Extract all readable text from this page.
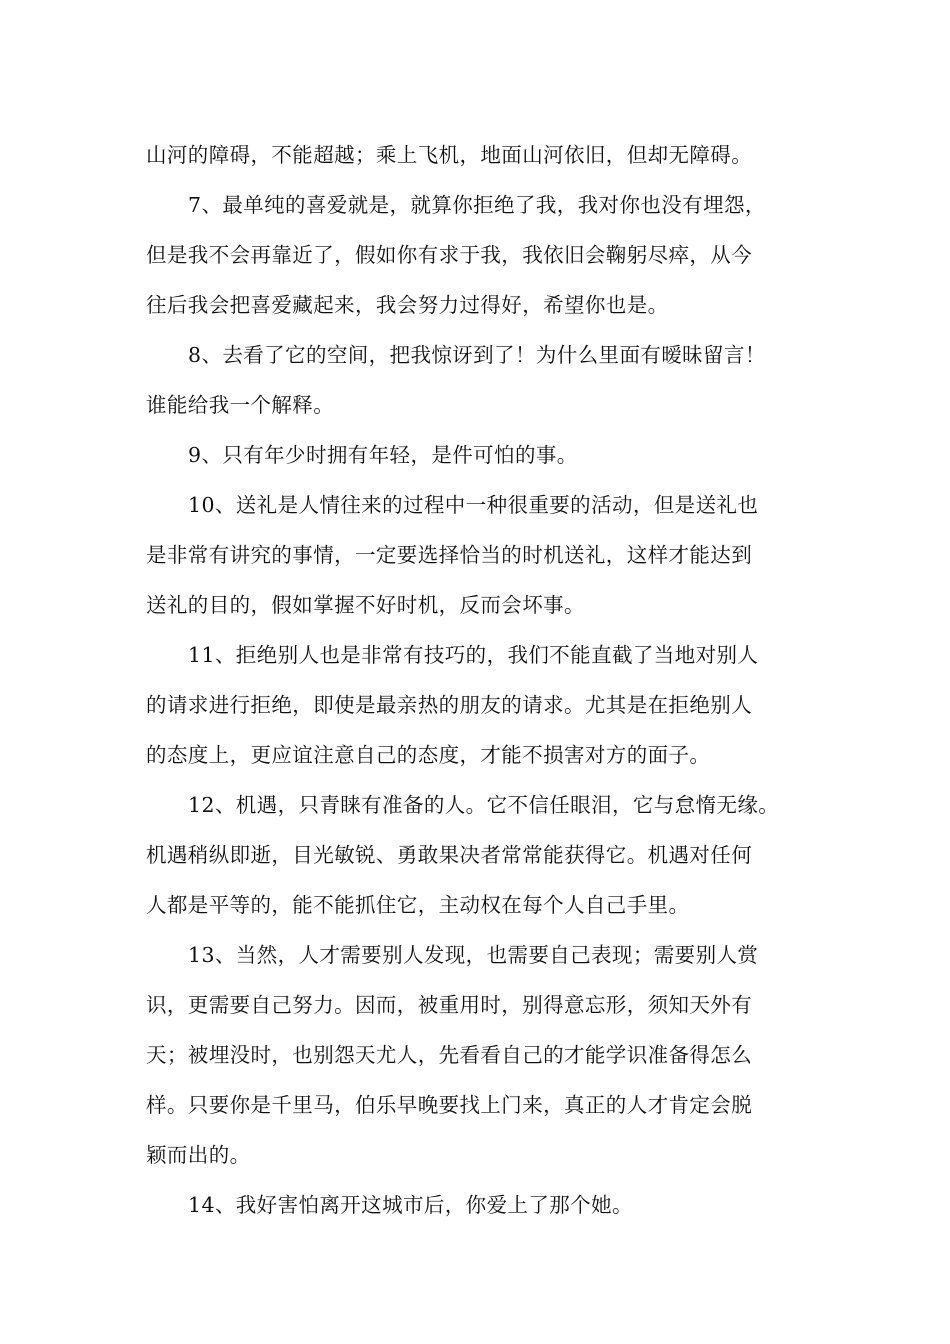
山河的障碍，不能超越；乘上飞机，地面山河依旧，但却无障碍。

7、最单纯的喜爱就是，就算你拒绝了我，我对你也没有埋怨，
但是我不会再靠近了，假如你有求于我，我依旧会鞠躬尽瘁，从今
往后我会把喜爱藏起来，我会努力过得好，希望你也是。

8、去看了它的空间，把我惊讶到了！为什么里面有暧昧留言！
谁能给我一个解释。

9、只有年少时拥有年轻，是件可怕的事。

10、送礼是人情往来的过程中一种很重要的活动，但是送礼也
是非常有讲究的事情，一定要选择恰当的时机送礼，这样才能达到
送礼的目的，假如掌握不好时机，反而会坏事。

11、拒绝别人也是非常有技巧的，我们不能直截了当地对别人
的请求进行拒绝，即使是最亲热的朋友的请求。尤其是在拒绝别人
的态度上，更应谊注意自己的态度，才能不损害对方的面子。

12、机遇，只青睐有准备的人。它不信任眼泪，它与怠惰无缘。
机遇稍纵即逝，目光敏锐、勇敢果决者常常能获得它。机遇对任何
人都是平等的，能不能抓住它，主动权在每个人自己手里。

13、当然，人才需要别人发现，也需要自己表现；需要别人赏
识，更需要自己努力。因而，被重用时，别得意忘形，须知天外有
天；被埋没时，也别怨天尤人，先看看自己的才能学识准备得怎么
样。只要你是千里马，伯乐早晚要找上门来，真正的人才肯定会脱
颖而出的。

14、我好害怕离开这城市后，你爱上了那个她。
